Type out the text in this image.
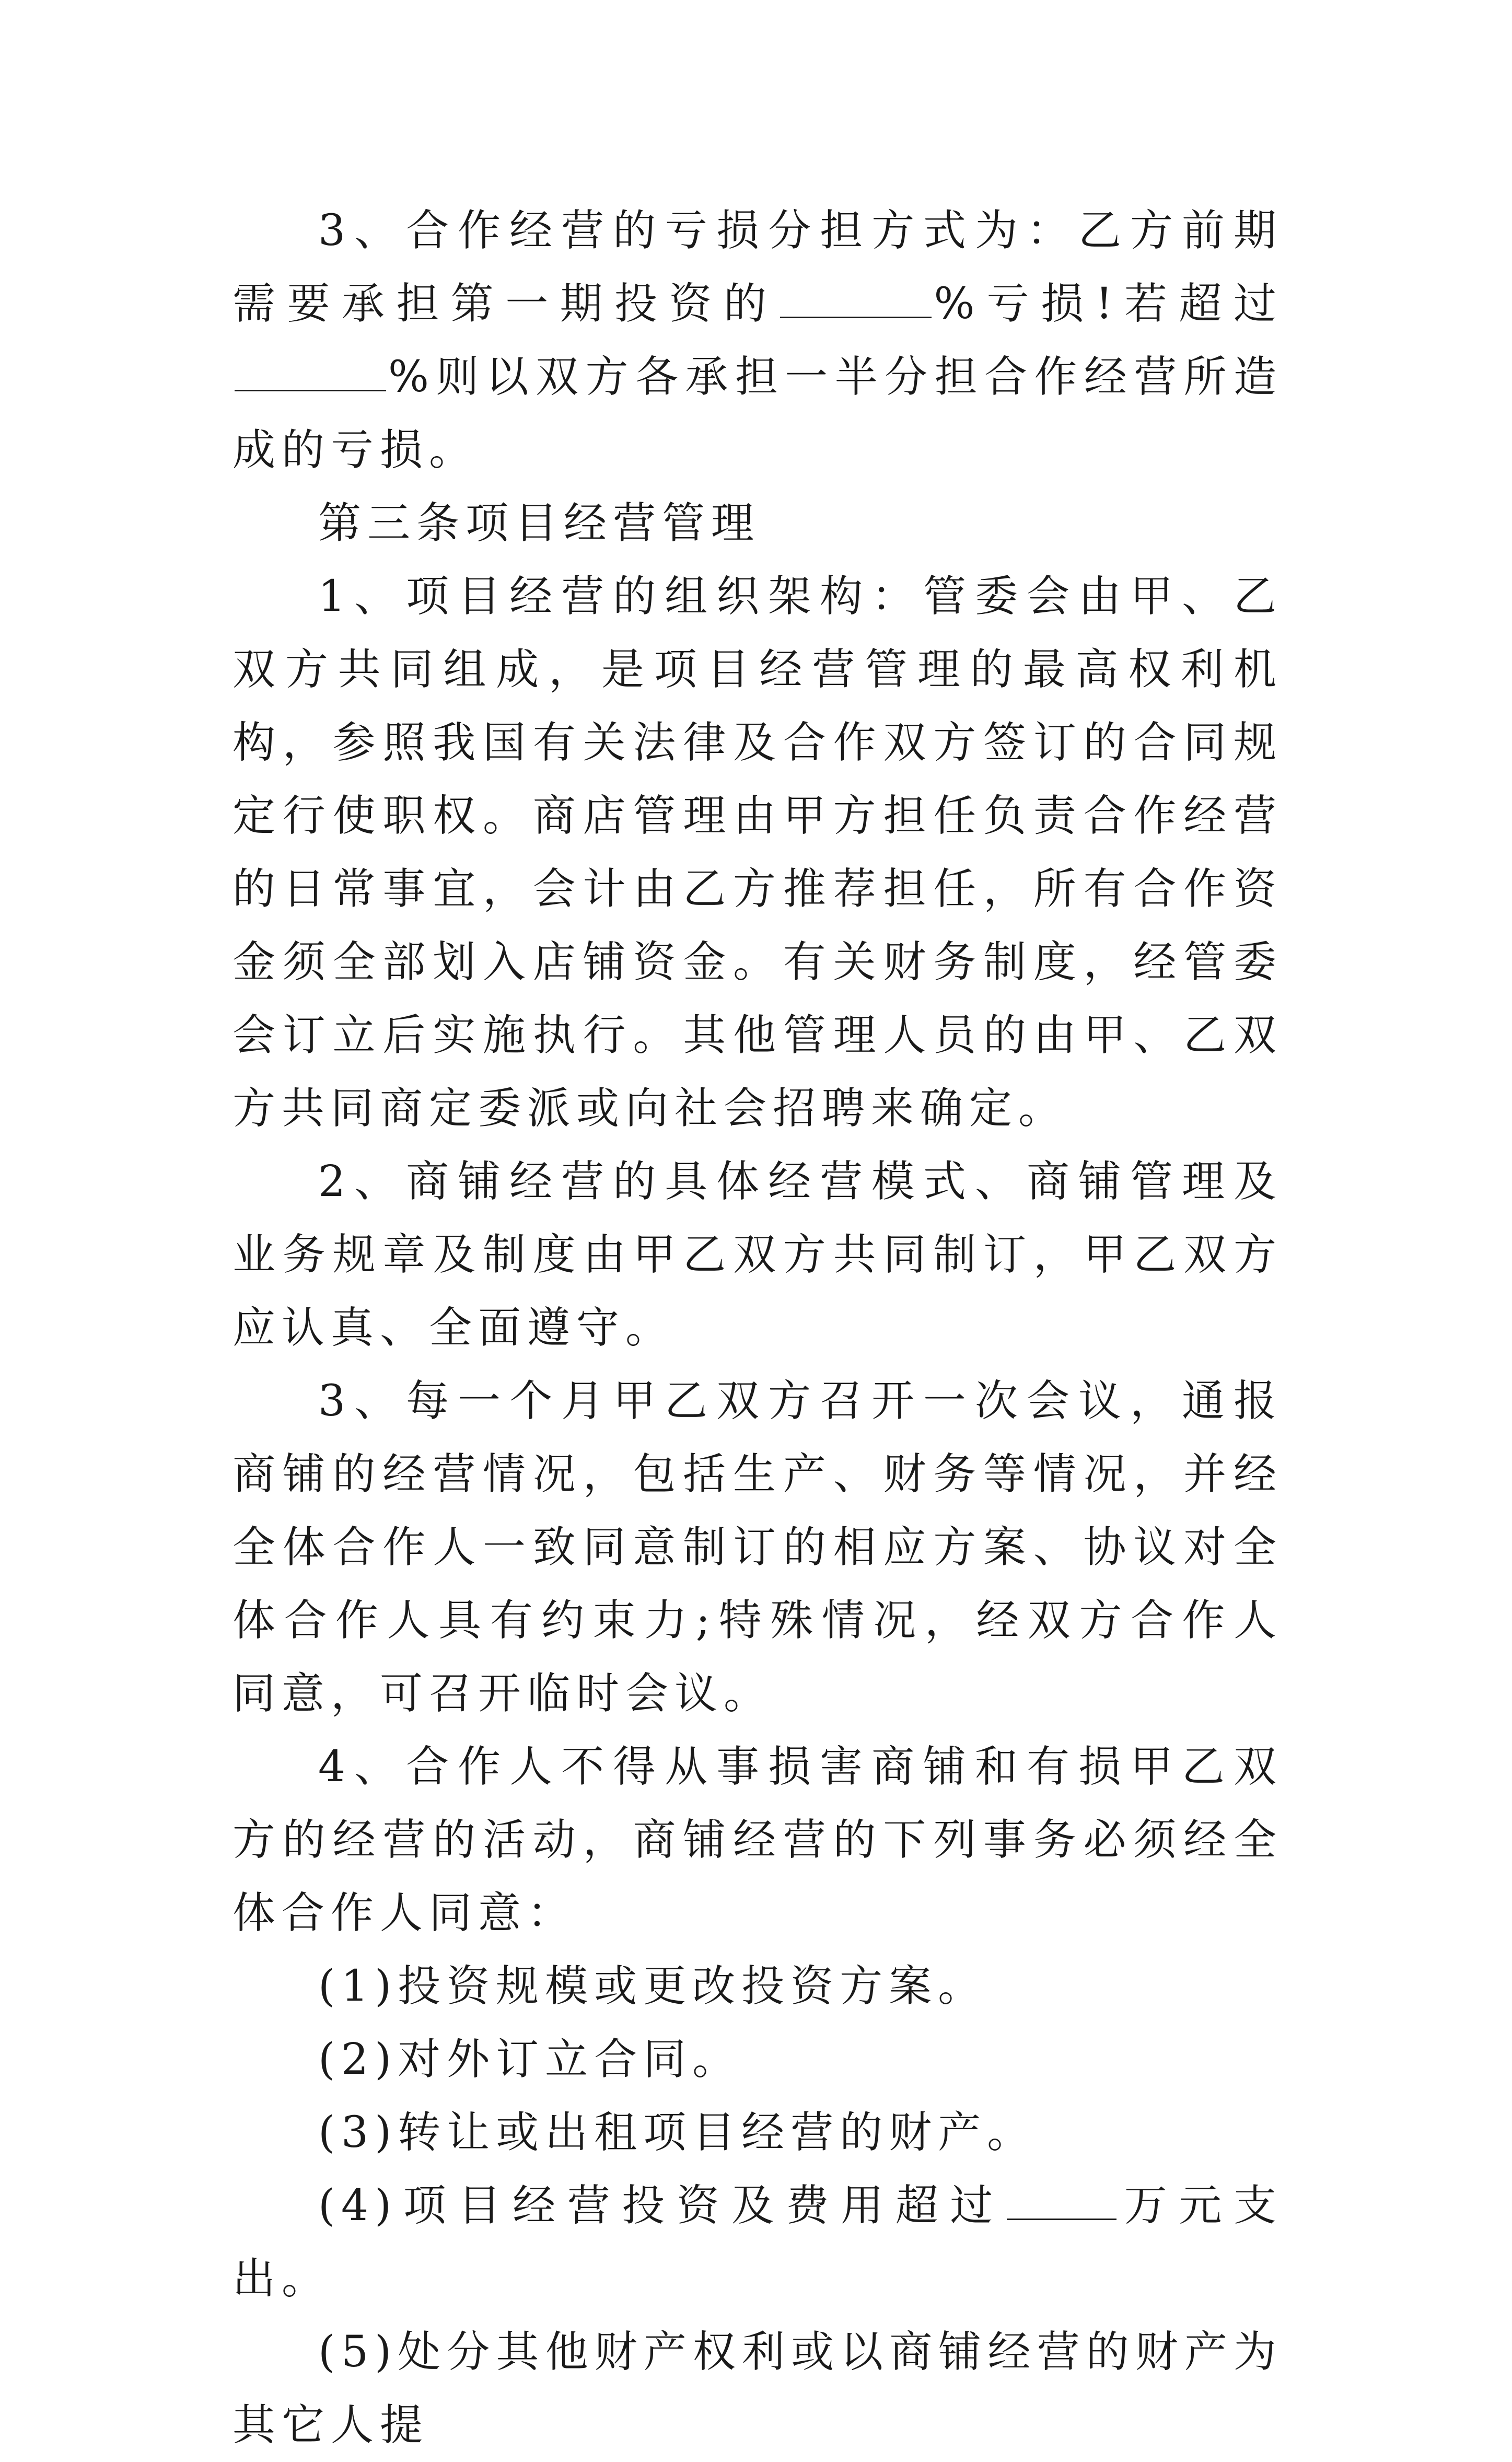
3、合作经营的亏损分担方式为：乙方前期需要承担第一期投资的	%亏损!若超过%则以双方各承担一半分担合作经营所造成的亏损。

第三条项目经营管理

1、项目经营的组织架构：管委会由甲、乙双方共同组成，是项目经营管理的最高权利机构，参照我国有关法律及合作双方签订的合同规定行使职权。商店管理由甲方担任负责合作经营的日常事宜，会计由乙方推荐担任，所有合作资金须全部划入店铺资金。有关财务制度，经管委会订立后实施执行。其他管理人员的由甲、乙双方共同商定委派或向社会招聘来确定。

2、商铺经营的具体经营模式、商铺管理及业务规章及制度由甲乙双方共同制订，甲乙双方应认真、全面遵守。

3、每一个月甲乙双方召开一次会议，通报商铺的经营情况，包括生产、财务等情况，并经全体合作人一致同意制订的相应方案、协议对全体合作人具有约束力;特殊情况，经双方合作人同意，可召开临时会议。

4、合作人不得从事损害商铺和有损甲乙双方的经营的活动，商铺经营的下列事务必须经全体合作人同意：

(1)投资规模或更改投资方案。

(2)对外订立合同。

(3)转让或出租项目经营的财产。

(4)项目经营投资及费用超过	万元支出。

(5)处分其他财产权利或以商铺经营的财产为其它人提
